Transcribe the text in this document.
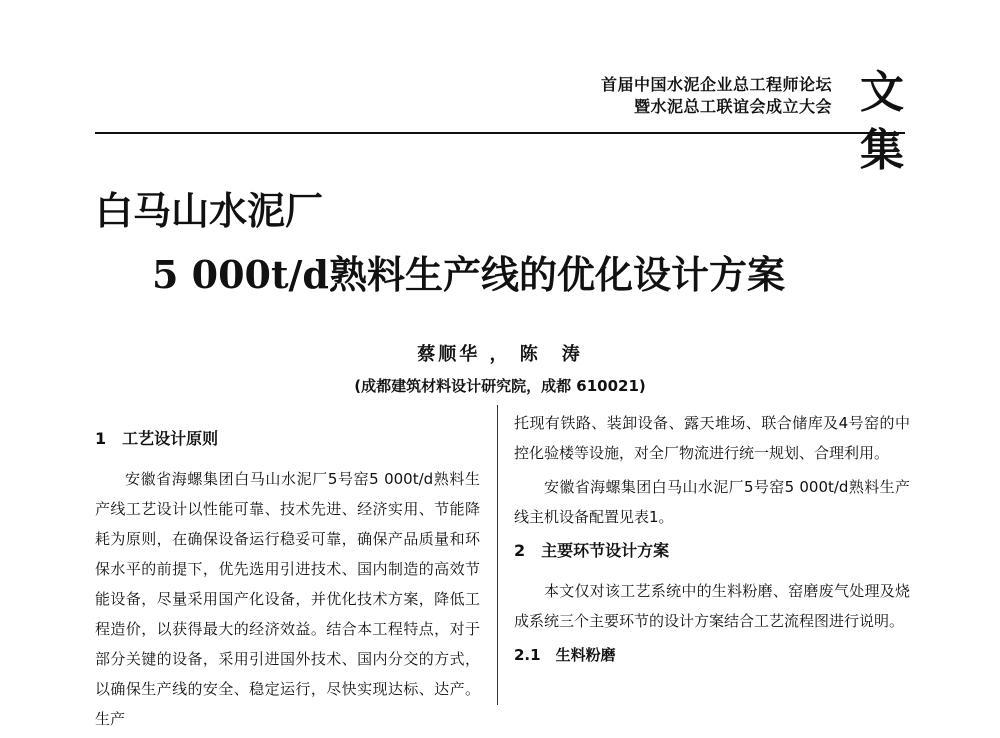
首届中国水泥企业总工程师论坛
暨水泥总工联谊会成立大会 文集
白马山水泥厂
5 000t/d熟料生产线的优化设计方案
蔡顺华 ， 陈　涛
(成都建筑材料设计研究院，成都 610021)
1　工艺设计原则

安徽省海螺集团白马山水泥厂5号窑5 000t/d熟料生产线工艺设计以性能可靠、技术先进、经济实用、节能降耗为原则，在确保设备运行稳妥可靠，确保产品质量和环保水平的前提下，优先选用引进技术、国内制造的高效节能设备，尽量采用国产化设备，并优化技术方案，降低工程造价，以获得最大的经济效益。结合本工程特点，对于部分关键的设备，采用引进国外技术、国内分交的方式，以确保生产线的安全、稳定运行，尽快实现达标、达产。生产

托现有铁路、装卸设备、露天堆场、联合储库及4号窑的中控化验楼等设施，对全厂物流进行统一规划、合理利用。

安徽省海螺集团白马山水泥厂5号窑5 000t/d熟料生产线主机设备配置见表1。

2　主要环节设计方案

本文仅对该工艺系统中的生料粉磨、窑磨废气处理及烧成系统三个主要环节的设计方案结合工艺流程图进行说明。

2.1　生料粉磨
